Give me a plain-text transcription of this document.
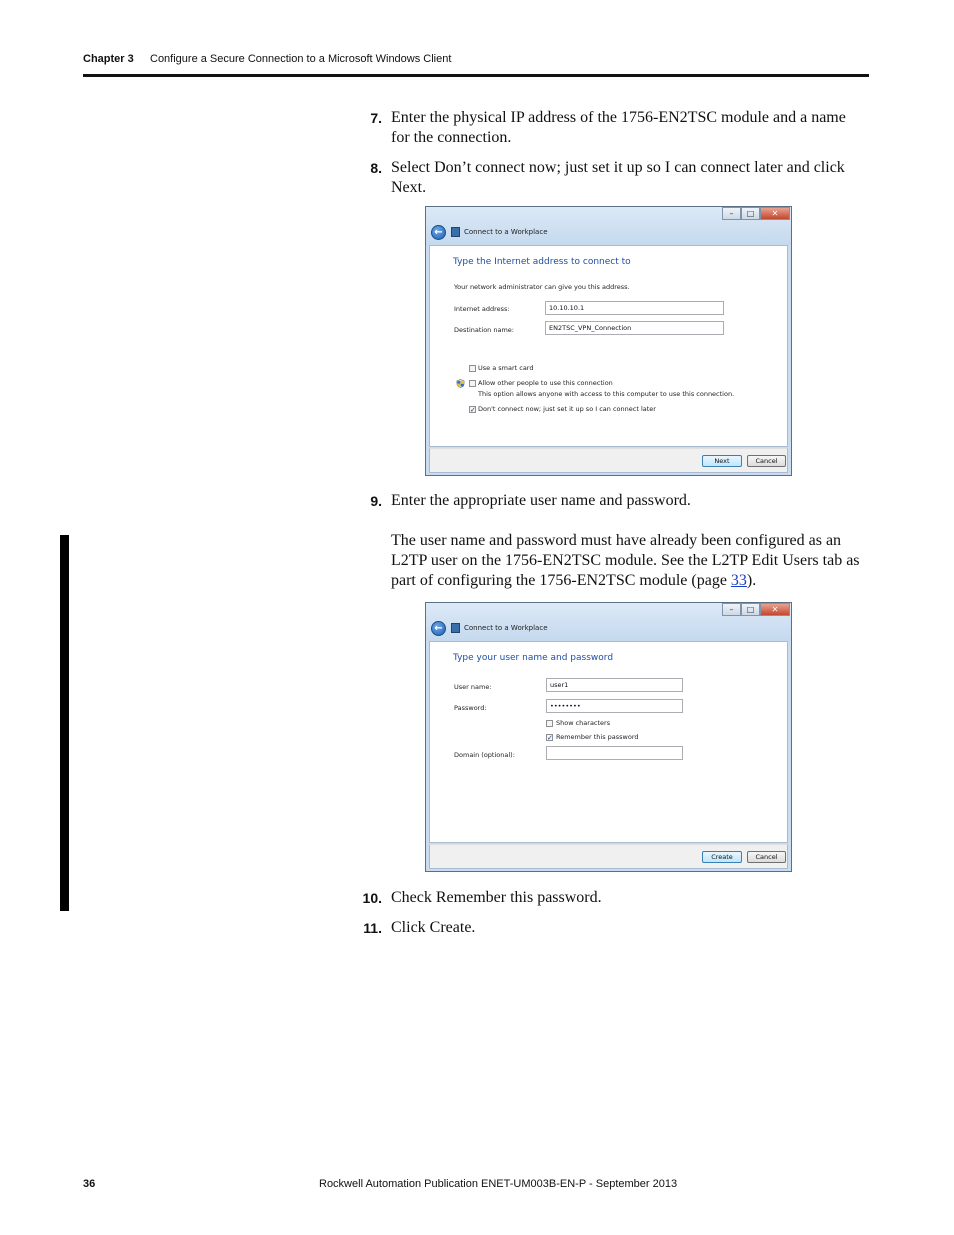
Chapter 3 Configure a Secure Connection to a Microsoft Windows Client
7. Enter the physical IP address of the 1756-EN2TSC module and a name for the connection.
8. Select Don’t connect now; just set it up so I can connect later and click Next.
–	□	✕
←	Connect to a Workplace
Type the Internet address to connect to
Your network administrator can give you this address.
Internet address:	10.10.10.1
Destination name:	EN2TSC_VPN_Connection
Use a smart card
Allow other people to use this connection
This option allows anyone with access to this computer to use this connection.
✓ Don't connect now; just set it up so I can connect later
Next	Cancel
9. Enter the appropriate user name and password.
The user name and password must have already been configured as an L2TP user on the 1756-EN2TSC module. See the L2TP Edit Users tab as part of configuring the 1756-EN2TSC module (page 33).
–	□	✕
←	Connect to a Workplace
Type your user name and password
User name:	user1
Password:	••••••••
Show characters
✓ Remember this password
Domain (optional):
Create	Cancel
10. Check Remember this password.
11. Click Create.
36	Rockwell Automation Publication ENET-UM003B-EN-P - September 2013
